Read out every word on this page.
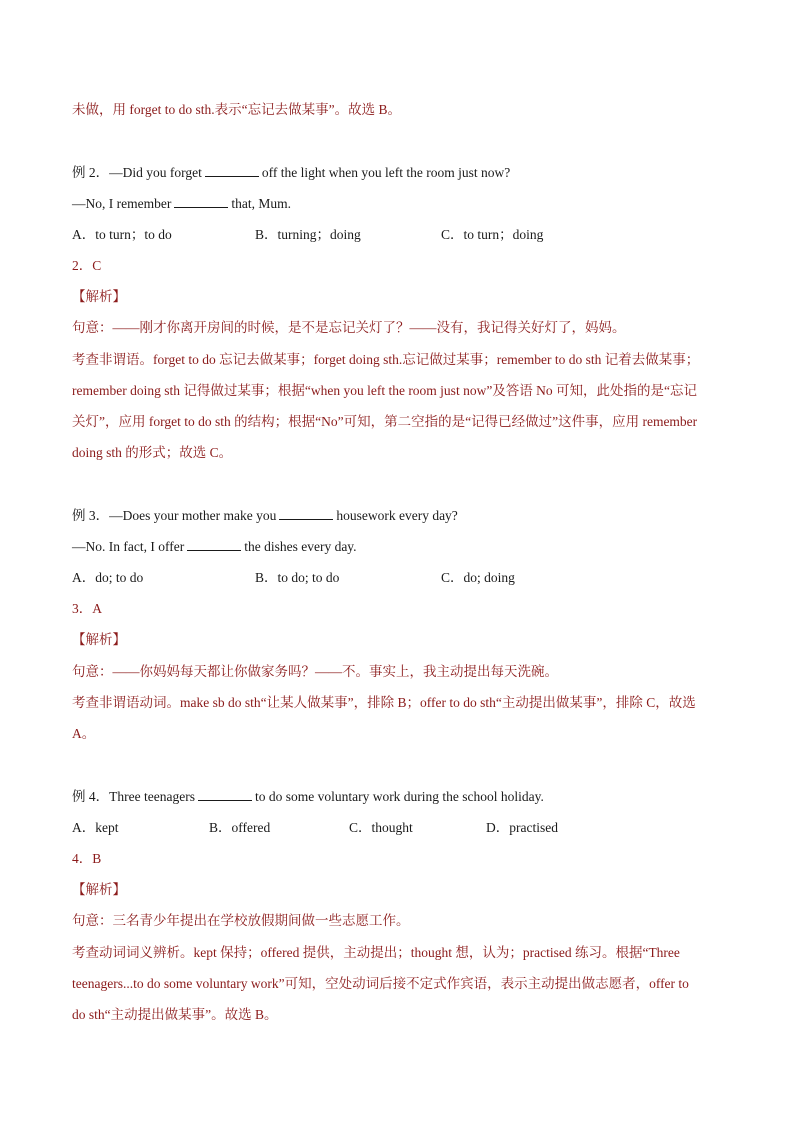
未做，用 forget to do sth.表示“忘记去做某事”。故选 B。
例 2．—Did you forget	off the light when you left the room just now?
—No, I remember	that, Mum.
A．to turn；to do	B．turning；doing	C．to turn；doing
2．C
【解析】
句意：——刚才你离开房间的时候，是不是忘记关灯了？——没有，我记得关好灯了，妈妈。
考查非谓语。forget to do 忘记去做某事；forget doing sth.忘记做过某事；remember to do sth 记着去做某事；
remember doing sth 记得做过某事；根据“when you left the room just now”及答语 No 可知，此处指的是“忘记
关灯”，应用 forget to do sth 的结构；根据“No”可知，第二空指的是“记得已经做过”这件事，应用 remember
doing sth 的形式；故选 C。
例 3．—Does your mother make you	housework every day?
—No. In fact, I offer	the dishes every day.
A．do; to do	B．to do; to do	C．do; doing
3．A
【解析】
句意：——你妈妈每天都让你做家务吗？——不。事实上，我主动提出每天洗碗。
考查非谓语动词。make sb do sth“让某人做某事”，排除 B；offer to do sth“主动提出做某事”，排除 C，故选
A。
例 4．Three teenagers	to do some voluntary work during the school holiday.
A．kept	B．offered	C．thought	D．practised
4．B
【解析】
句意：三名青少年提出在学校放假期间做一些志愿工作。
考查动词词义辨析。kept 保持；offered 提供，主动提出；thought 想，认为；practised 练习。根据“Three
teenagers...to do some voluntary work”可知，空处动词后接不定式作宾语，表示主动提出做志愿者，offer to
do sth“主动提出做某事”。故选 B。
